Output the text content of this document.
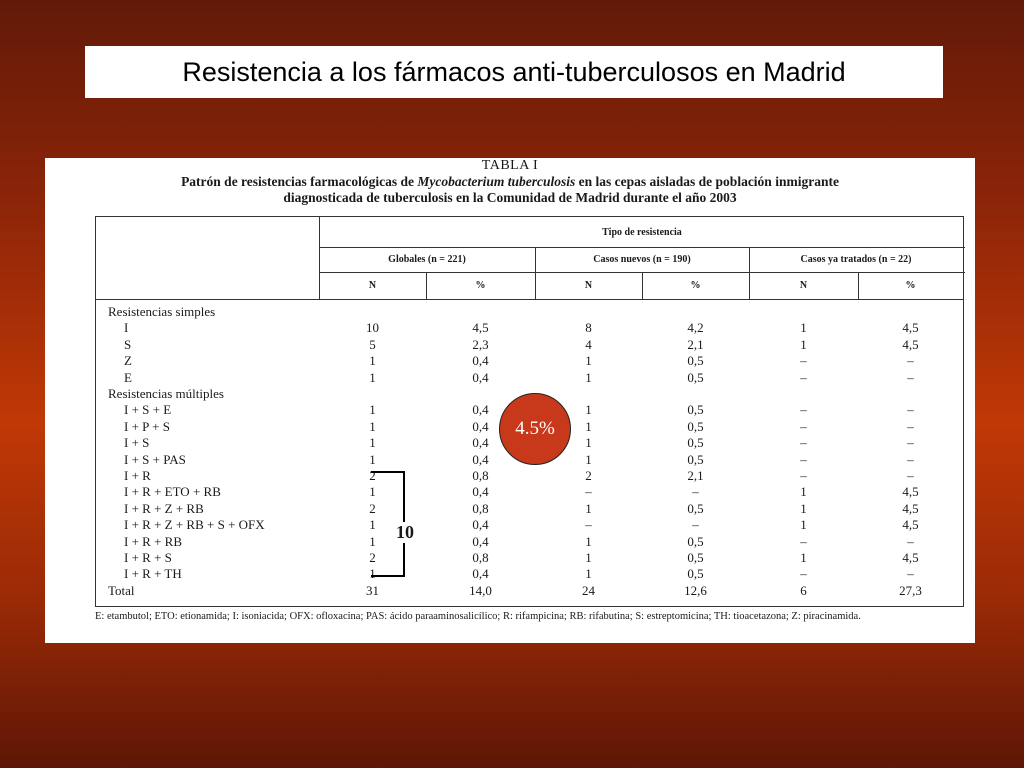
Resistencia a los fármacos anti-tuberculosos en Madrid
TABLA I
Patrón de resistencias farmacológicas de Mycobacterium tuberculosis en las cepas aisladas de población inmigrante
diagnosticada de tuberculosis en la Comunidad de Madrid durante el año 2003
Tipo de resistencia
Globales (n = 221)	Casos nuevos (n = 190)	Casos ya tratados (n = 22)
N	%	N	%	N	%
Resistencias simples
I	10	4,5	8	4,2	1	4,5
S	5	2,3	4	2,1	1	4,5
Z	1	0,4	1	0,5	–	–
E	1	0,4	1	0,5	–	–
Resistencias múltiples
I + S + E	1	0,4	1	0,5	–	–
I + P + S	1	0,4	1	0,5	–	–
I + S	1	0,4	1	0,5	–	–
I + S + PAS	1	0,4	1	0,5	–	–
I + R	2	0,8	2	2,1	–	–
I + R + ETO + RB	1	0,4	–	–	1	4,5
I + R + Z + RB	2	0,8	1	0,5	1	4,5
I + R + Z + RB + S + OFX	1	0,4	–	–	1	4,5
I + R + RB	1	0,4	1	0,5	–	–
I + R + S	2	0,8	1	0,5	1	4,5
I + R + TH	1	0,4	1	0,5	–	–
Total	31	14,0	24	12,6	6	27,3
10
4.5%
E: etambutol; ETO: etionamida; I: isoniacida; OFX: ofloxacina; PAS: ácido paraaminosalicílico; R: rifampicina; RB: rifabutina; S: estreptomicina; TH: tioacetazona; Z: piracinamida.
